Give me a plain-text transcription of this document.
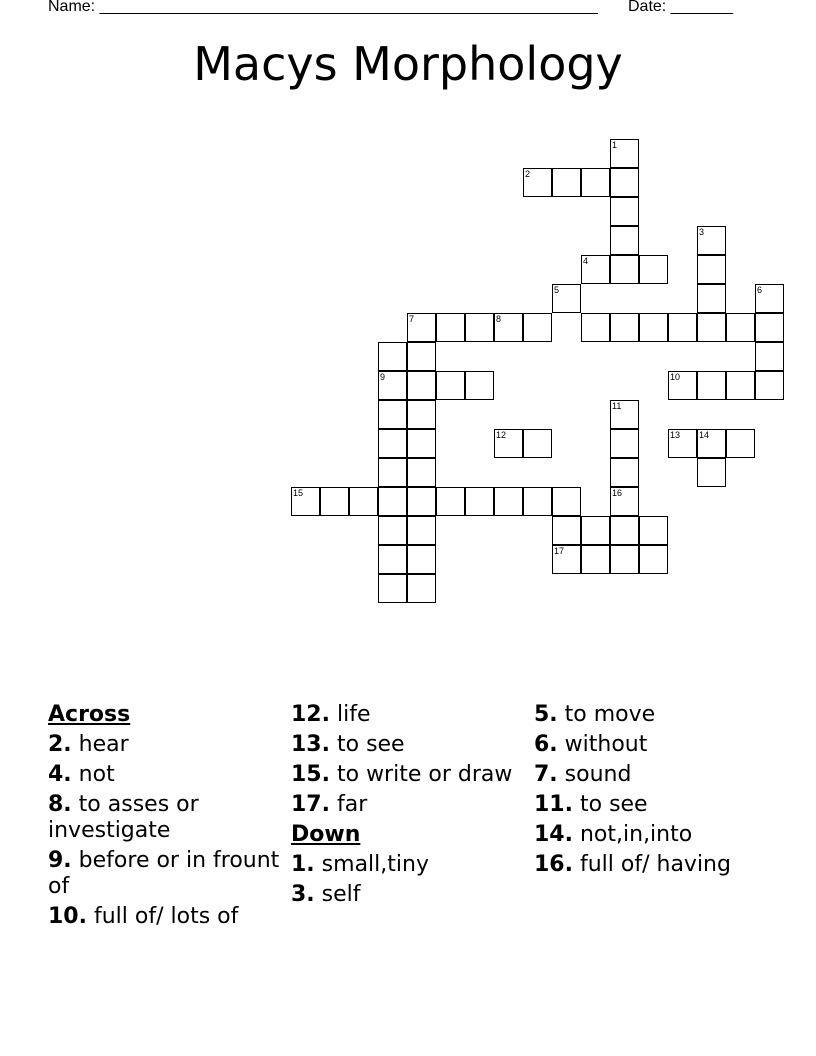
Name: ________________________________________________________ Date: _______
Macys Morphology
1
2
3
4
5	6
7	8
9	10
11
12	13 14
15	16
17
Across
2. hear
4. not
8. to asses or investigate
9. before or in frount of
10. full of/ lots of
12. life
13. to see
15. to write or draw
17. far
Down
1. small,tiny
3. self
5. to move
6. without
7. sound
11. to see
14. not,in,into
16. full of/ having
